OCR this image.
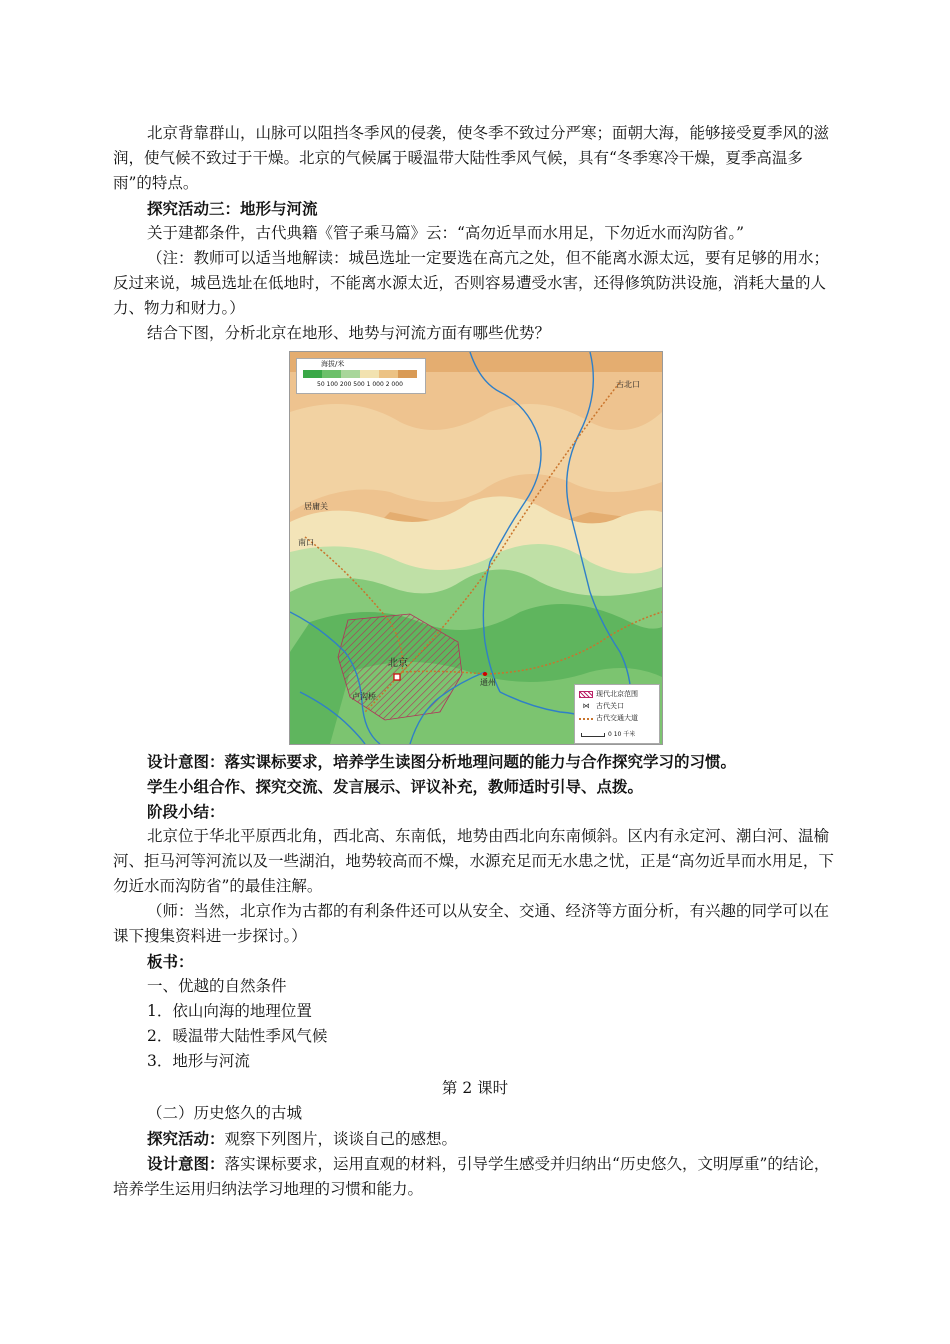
北京背靠群山，山脉可以阻挡冬季风的侵袭，使冬季不致过分严寒；面朝大海，能够接受夏季风的滋润，使气候不致过于干燥。北京的气候属于暖温带大陆性季风气候，具有“冬季寒冷干燥，夏季高温多雨”的特点。

探究活动三：地形与河流

关于建都条件，古代典籍《管子乘马篇》云：“高勿近旱而水用足，下勿近水而沟防省。”

（注：教师可以适当地解读：城邑选址一定要选在高亢之处，但不能离水源太远，要有足够的用水；反过来说，城邑选址在低地时，不能离水源太近，否则容易遭受水害，还得修筑防洪设施，消耗大量的人力、物力和财力。）

结合下图，分析北京在地形、地势与河流方面有哪些优势？

海拔/米
50 100 200 500 1 000 2 000	古北口
居庸关
南口
北京
通州
卢沟桥	现代北京范围
⋈ 古代关口
古代交通大道
0 10 千米

设计意图：落实课标要求，培养学生读图分析地理问题的能力与合作探究学习的习惯。

学生小组合作、探究交流、发言展示、评议补充，教师适时引导、点拨。

阶段小结：

北京位于华北平原西北角，西北高、东南低，地势由西北向东南倾斜。区内有永定河、潮白河、温榆河、拒马河等河流以及一些湖泊，地势较高而不燥，水源充足而无水患之忧，正是“高勿近旱而水用足，下勿近水而沟防省”的最佳注解。

（师：当然，北京作为古都的有利条件还可以从安全、交通、经济等方面分析，有兴趣的同学可以在课下搜集资料进一步探讨。）

板书：

一、优越的自然条件

1．依山向海的地理位置

2．暖温带大陆性季风气候

3．地形与河流

第 2 课时

（二）历史悠久的古城

探究活动：观察下列图片，谈谈自己的感想。

设计意图：落实课标要求，运用直观的材料，引导学生感受并归纳出“历史悠久，文明厚重”的结论，培养学生运用归纳法学习地理的习惯和能力。
